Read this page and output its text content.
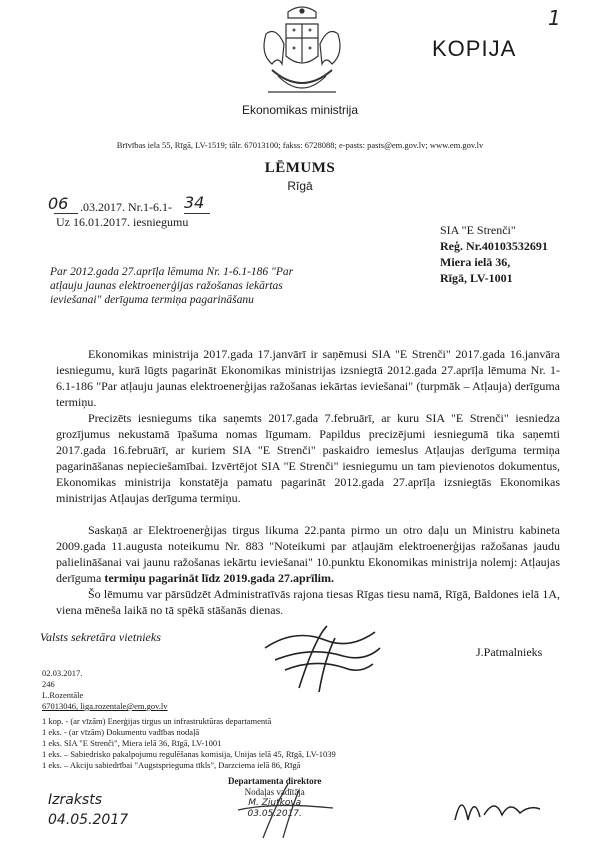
1
KOPIJA
Ekonomikas ministrija
Brīvības iela 55, Rīgā, LV-1519; tālr. 67013100; fakss: 6728088; e-pasts: pasts@em.gov.lv; www.em.gov.lv
LĒMUMS
Rīgā
06 .03.2017. Nr.1-6.1- 34
Uz 16.01.2017. iesniegumu
SIA "E Strenči"
Reģ. Nr.40103532691
Miera ielā 36,
Rīgā, LV-1001
Par 2012.gada 27.aprīļa lēmuma Nr. 1-6.1-186 "Par atļauju jaunas elektroenerģijas ražošanas iekārtas ieviešanai" derīguma termiņa pagarināšanu
Ekonomikas ministrija 2017.gada 17.janvārī ir saņēmusi SIA "E Strenči" 2017.gada 16.janvāra iesniegumu, kurā lūgts pagarināt Ekonomikas ministrijas izsniegtā 2012.gada 27.aprīļa lēmuma Nr. 1-6.1-186 "Par atļauju jaunas elektroenerģijas ražošanas iekārtas ieviešanai" (turpmāk – Atļauja) derīguma termiņu.
Precizēts iesniegums tika saņemts 2017.gada 7.februārī, ar kuru SIA "E Strenči" iesniedza grozījumus nekustamā īpašuma nomas līgumam. Papildus precizējumi iesniegumā tika saņemti 2017.gada 16.februārī, ar kuriem SIA "E Strenči" paskaidro iemeslus Atļaujas derīguma termiņa pagarināšanas nepieciešamībai. Izvērtējot SIA "E Strenči" iesniegumu un tam pievienotos dokumentus, Ekonomikas ministrija konstatēja pamatu pagarināt 2012.gada 27.aprīļa izsniegtās Ekonomikas ministrijas Atļaujas derīguma termiņu.
Saskaņā ar Elektroenerģijas tirgus likuma 22.panta pirmo un otro daļu un Ministru kabineta 2009.gada 11.augusta noteikumu Nr. 883 "Noteikumi par atļaujām elektroenerģijas ražošanas jaudu palielināšanai vai jaunu ražošanas iekārtu ieviešanai" 10.punktu Ekonomikas ministrija nolemj: Atļaujas derīguma termiņu pagarināt līdz 2019.gada 27.aprīlim.
Šo lēmumu var pārsūdzēt Administratīvās rajona tiesas Rīgas tiesu namā, Rīgā, Baldones ielā 1A, viena mēneša laikā no tā spēkā stāšanās dienas.
Valsts sekretāra vietnieks
J.Patmalnieks
02.03.2017.
246
L.Rozentāle
67013046, liga.rozentale@em.gov.lv
1 kop. - (ar vīzām) Enerģijas tirgus un infrastruktūras departamentā
1 eks. - (ar vīzām) Dokumentu vadības nodaļā
1 eks. SIA "E Strenči", Miera ielā 36, Rīgā, LV-1001
1 eks. – Sabiedrisko pakalpojumu regulēšanas komisija, Unijas ielā 45, Rīgā, LV-1039
1 eks. – Akciju sabiedrībai "Augstsprieguma tīkls", Darzciema ielā 86, Rīgā
Departamenta direktore
Nodaļas vadītāja
M. Zjutkova
03.05.2017.
Izraksts
04.05.2017
